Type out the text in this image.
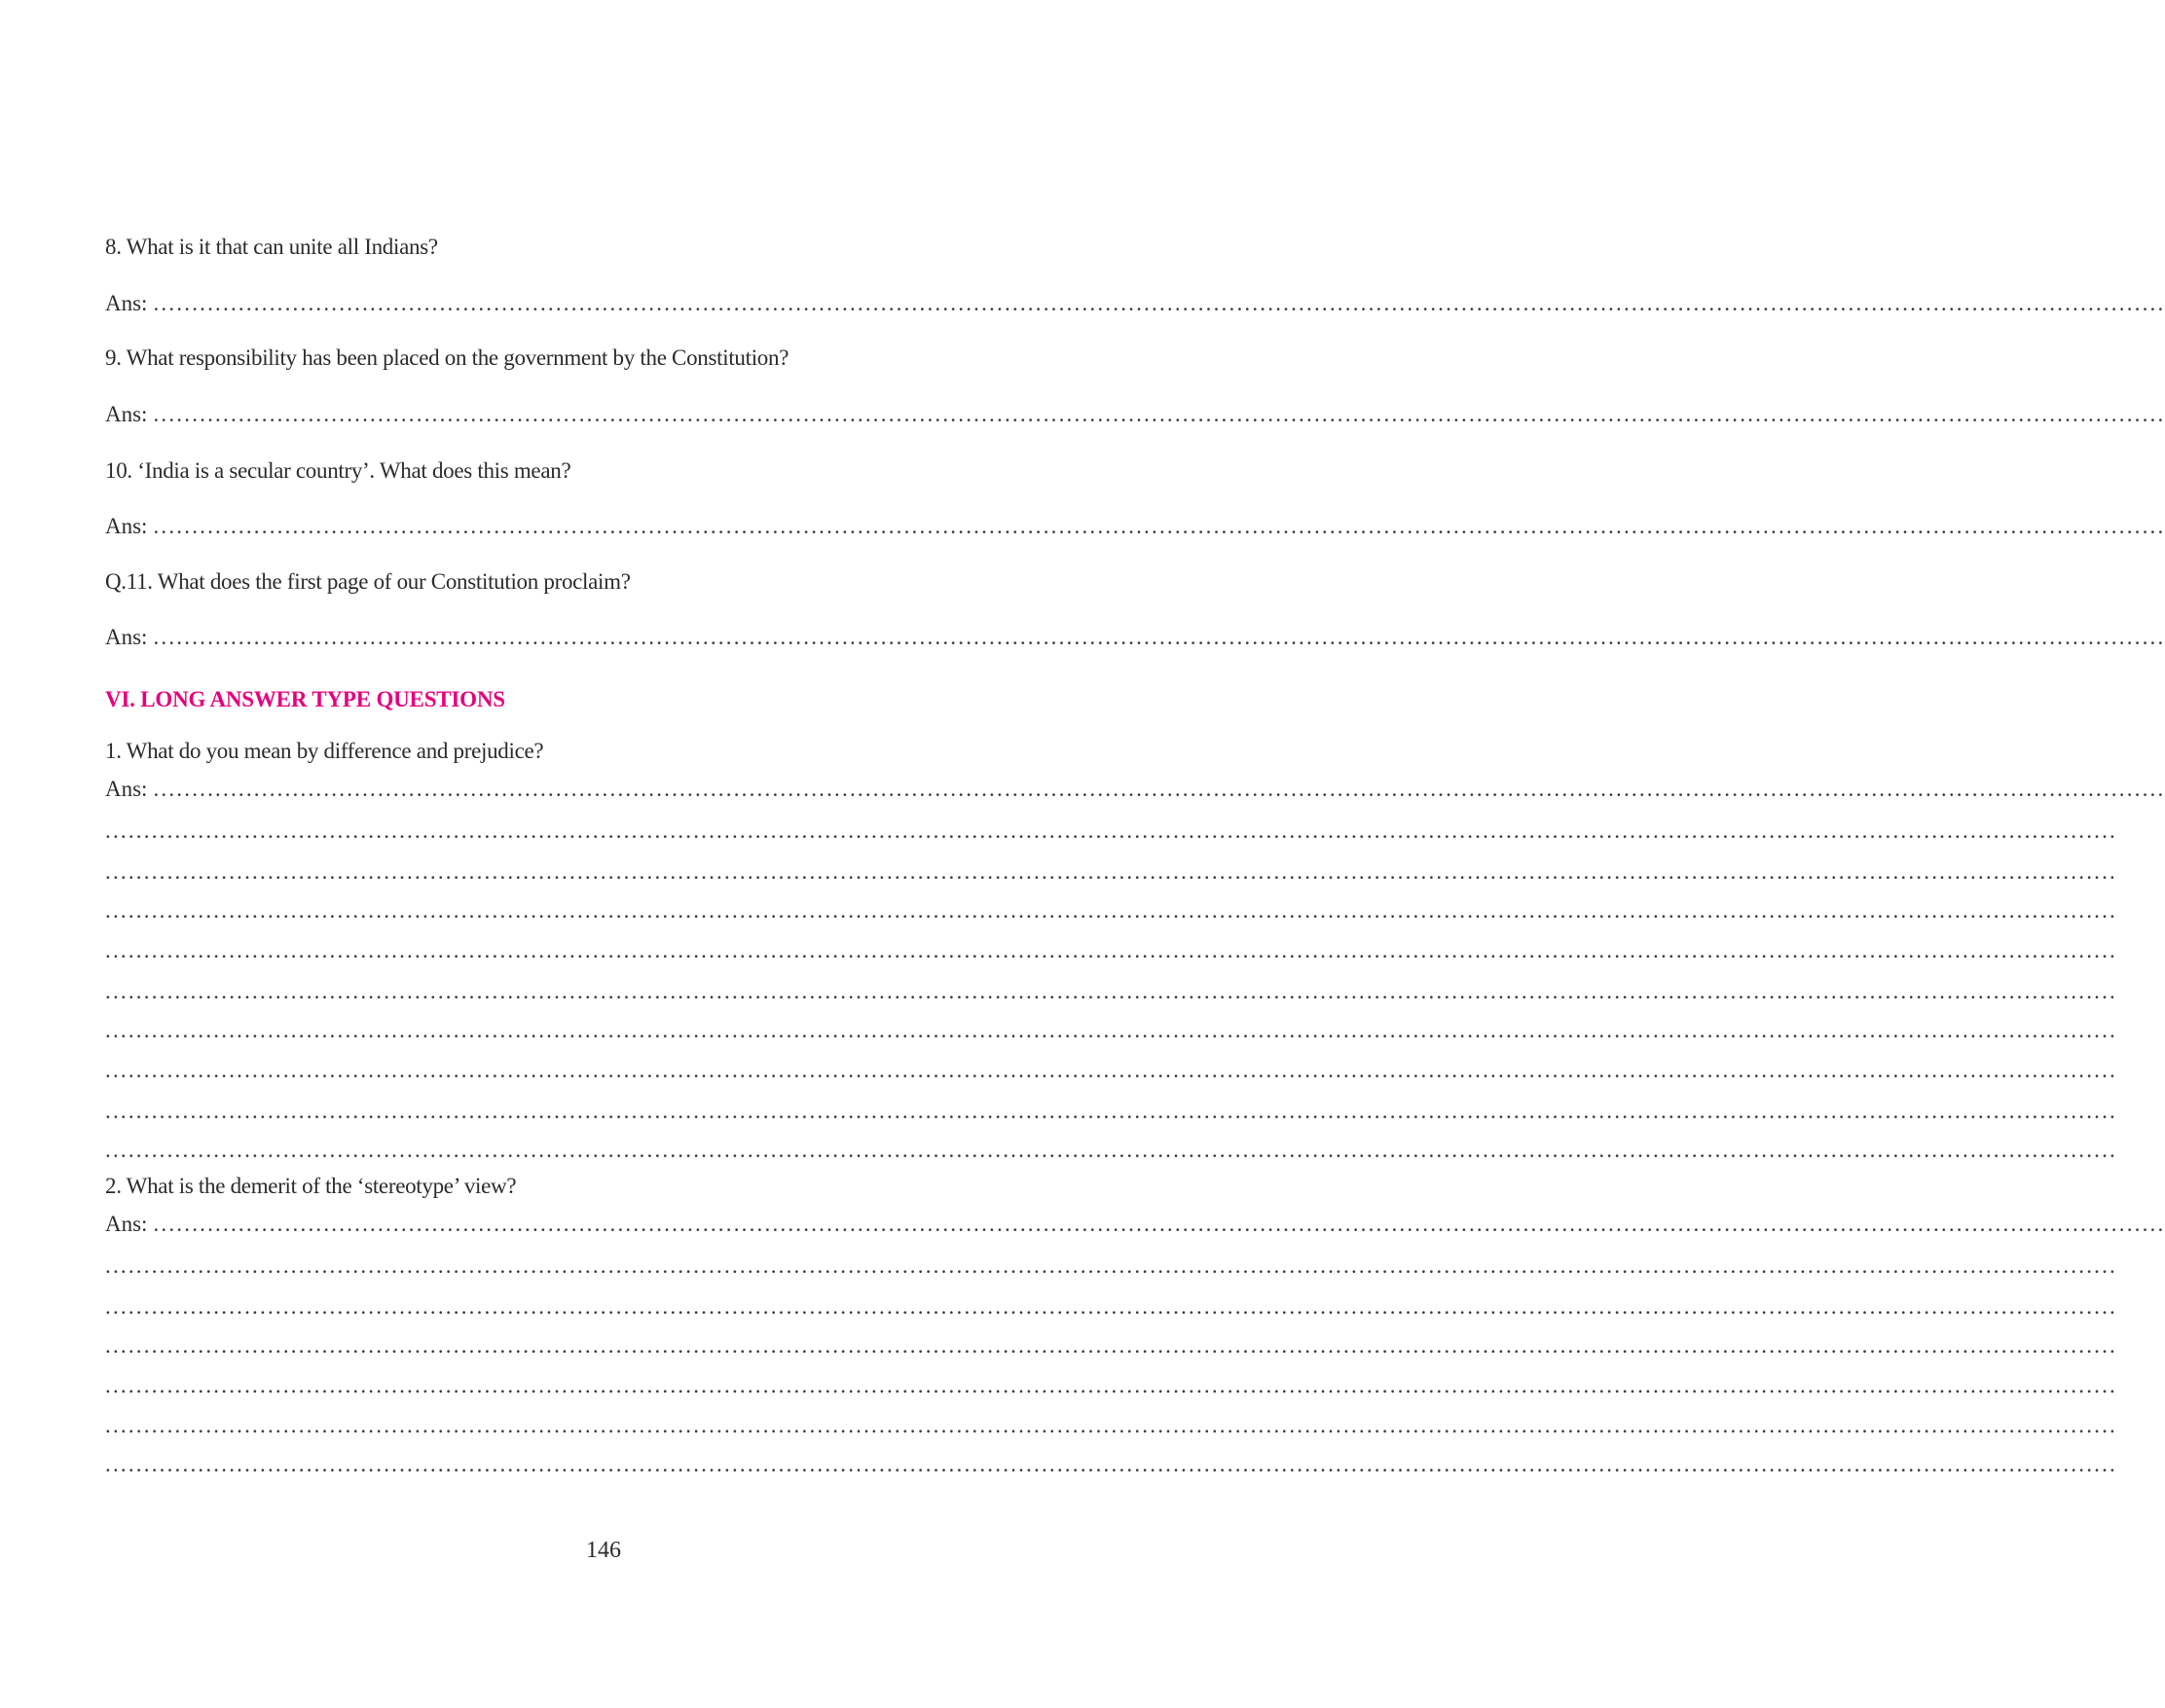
8. What is it that can unite all Indians?
Ans: ....................................................................................................................................................................................................................................................................
9. What responsibility has been placed on the government by the Constitution?
Ans: ....................................................................................................................................................................................................................................................................
10. ‘India is a secular country’. What does this mean?
Ans: ....................................................................................................................................................................................................................................................................
Q.11. What does the first page of our Constitution proclaim?
Ans: ....................................................................................................................................................................................................................................................................
VI. LONG ANSWER TYPE QUESTIONS
1. What do you mean by difference and prejudice?
Ans: ....................................................................................................................................................................................................................................................................
....................................................................................................................................................................................................................................................................
....................................................................................................................................................................................................................................................................
....................................................................................................................................................................................................................................................................
....................................................................................................................................................................................................................................................................
....................................................................................................................................................................................................................................................................
....................................................................................................................................................................................................................................................................
....................................................................................................................................................................................................................................................................
....................................................................................................................................................................................................................................................................
....................................................................................................................................................................................................................................................................
2. What is the demerit of the ‘stereotype’ view?
Ans: ....................................................................................................................................................................................................................................................................
....................................................................................................................................................................................................................................................................
....................................................................................................................................................................................................................................................................
....................................................................................................................................................................................................................................................................
....................................................................................................................................................................................................................................................................
....................................................................................................................................................................................................................................................................
....................................................................................................................................................................................................................................................................
146
